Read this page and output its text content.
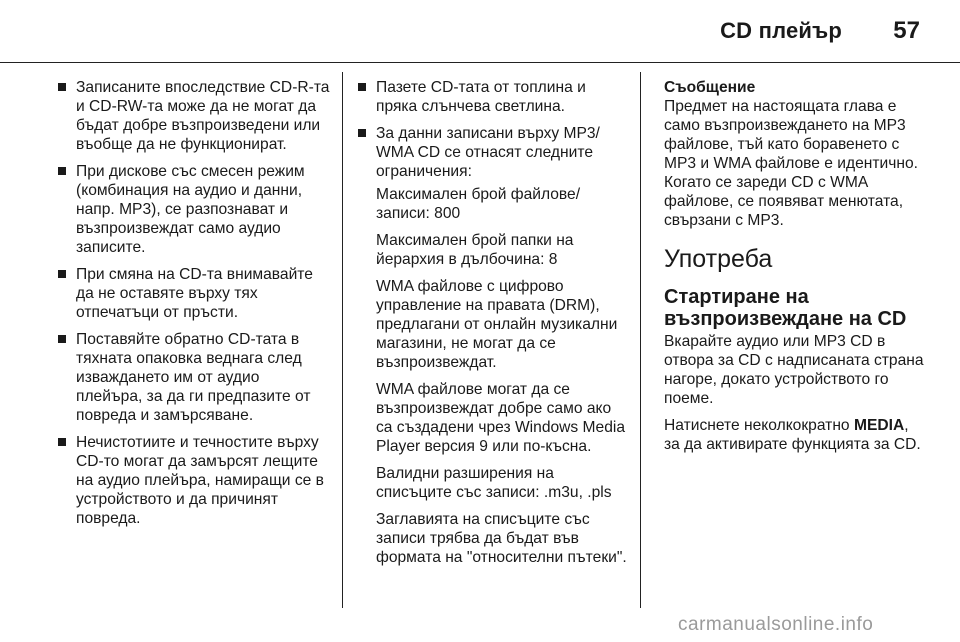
CD плейър 57
Записаните впоследствие CD-R-та и CD-RW-та може да не могат да бъдат добре възпроизведени или въобще да не функционират.
При дискове със смесен режим (комбинация на аудио и данни, напр. MP3), се разпознават и възпроизвеждат само аудио записите.
При смяна на CD-та внимавайте да не оставяте върху тях отпечатъци от пръсти.
Поставяйте обратно CD-тата в тяхната опаковка веднага след изваждането им от аудио плейъра, за да ги предпазите от повреда и замърсяване.
Нечистотиите и течностите върху CD-то могат да замърсят лещите на аудио плейъра, намиращи се в устройството и да причинят повреда.
Пазете CD-тата от топлина и пряка слънчева светлина.
За данни записани върху MP3/ WMA CD се отнасят следните ограничения:
Максимален брой файлове/ записи: 800
Максимален брой папки на йерархия в дълбочина: 8
WMA файлове с цифрово управление на правата (DRM), предлагани от онлайн музикални магазини, не могат да се възпроизвеждат.
WMA файлове могат да се възпроизвеждат добре само ако са създадени чрез Windows Media Player версия 9 или по-късна.
Валидни разширения на списъците със записи: .m3u, .pls
Заглавията на списъците със записи трябва да бъдат във формата на "относителни пътеки".
Съобщение
Предмет на настоящата глава е само възпроизвеждането на MP3 файлове, тъй като боравенето с MP3 и WMA файлове е идентично. Когато се зареди CD с WMA файлове, се появяват менютата, свързани с MP3.
Употреба
Стартиране на възпроизвеждане на CD
Вкарайте аудио или MP3 CD в отвора за CD с надписаната страна нагоре, докато устройството го поеме.
Натиснете неколкократно MEDIA, за да активирате функцията за CD.
carmanualsonline.info
